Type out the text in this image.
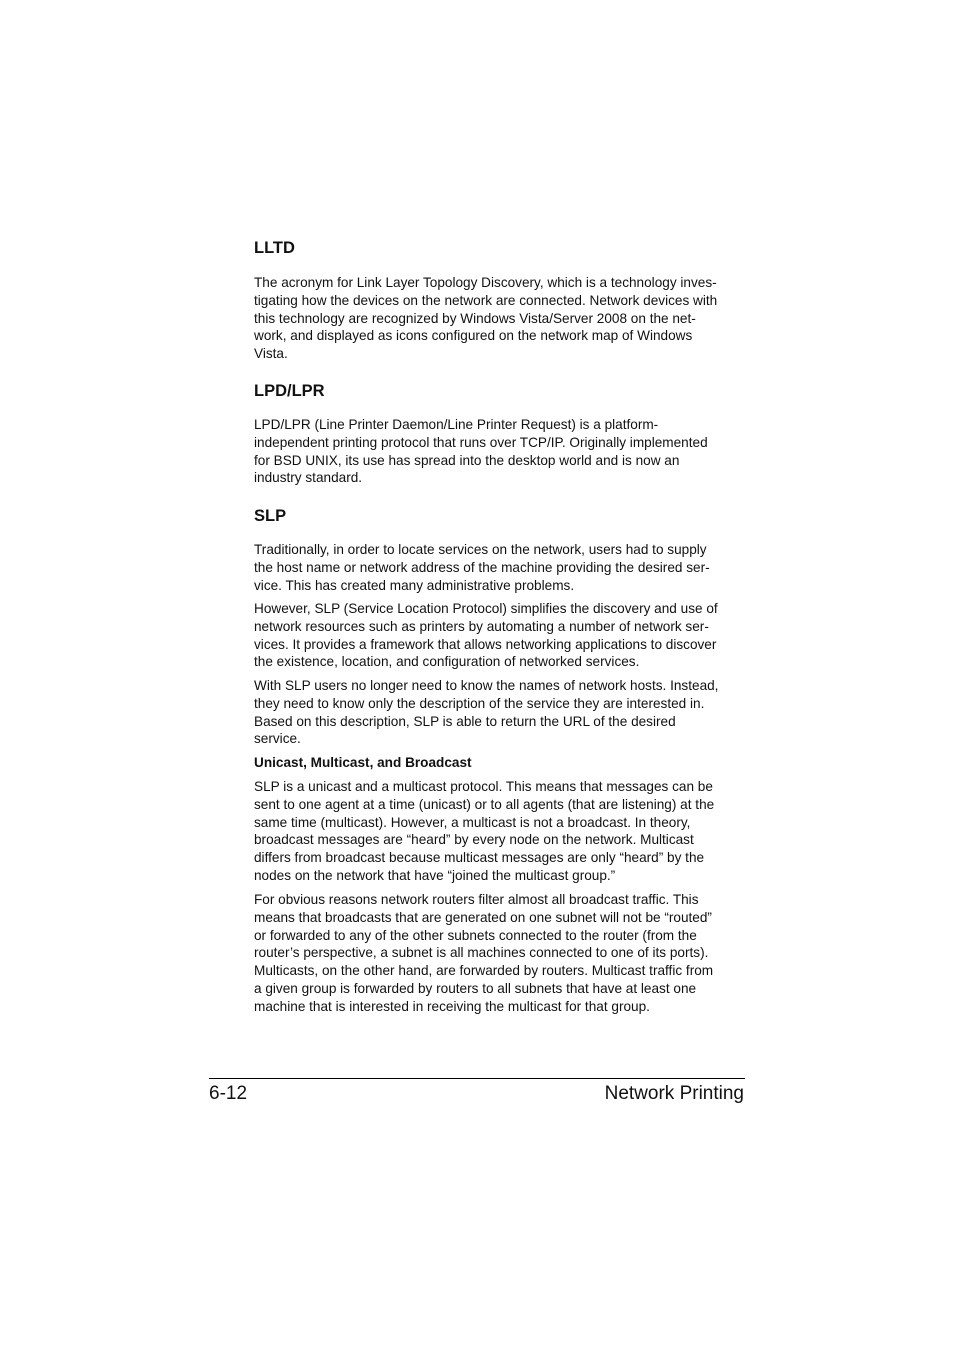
LLTD

The acronym for Link Layer Topology Discovery, which is a technology inves-
tigating how the devices on the network are connected. Network devices with
this technology are recognized by Windows Vista/Server 2008 on the net-
work, and displayed as icons configured on the network map of Windows
Vista.

LPD/LPR

LPD/LPR (Line Printer Daemon/Line Printer Request) is a platform-
independent printing protocol that runs over TCP/IP. Originally implemented
for BSD UNIX, its use has spread into the desktop world and is now an
industry standard.

SLP

Traditionally, in order to locate services on the network, users had to supply
the host name or network address of the machine providing the desired ser-
vice. This has created many administrative problems.

However, SLP (Service Location Protocol) simplifies the discovery and use of
network resources such as printers by automating a number of network ser-
vices. It provides a framework that allows networking applications to discover
the existence, location, and configuration of networked services.

With SLP users no longer need to know the names of network hosts. Instead,
they need to know only the description of the service they are interested in.
Based on this description, SLP is able to return the URL of the desired
service.

Unicast, Multicast, and Broadcast

SLP is a unicast and a multicast protocol. This means that messages can be
sent to one agent at a time (unicast) or to all agents (that are listening) at the
same time (multicast). However, a multicast is not a broadcast. In theory,
broadcast messages are “heard” by every node on the network. Multicast
differs from broadcast because multicast messages are only “heard” by the
nodes on the network that have “joined the multicast group.”

For obvious reasons network routers filter almost all broadcast traffic. This
means that broadcasts that are generated on one subnet will not be “routed”
or forwarded to any of the other subnets connected to the router (from the
router’s perspective, a subnet is all machines connected to one of its ports).
Multicasts, on the other hand, are forwarded by routers. Multicast traffic from
a given group is forwarded by routers to all subnets that have at least one
machine that is interested in receiving the multicast for that group.

6-12	Network Printing
